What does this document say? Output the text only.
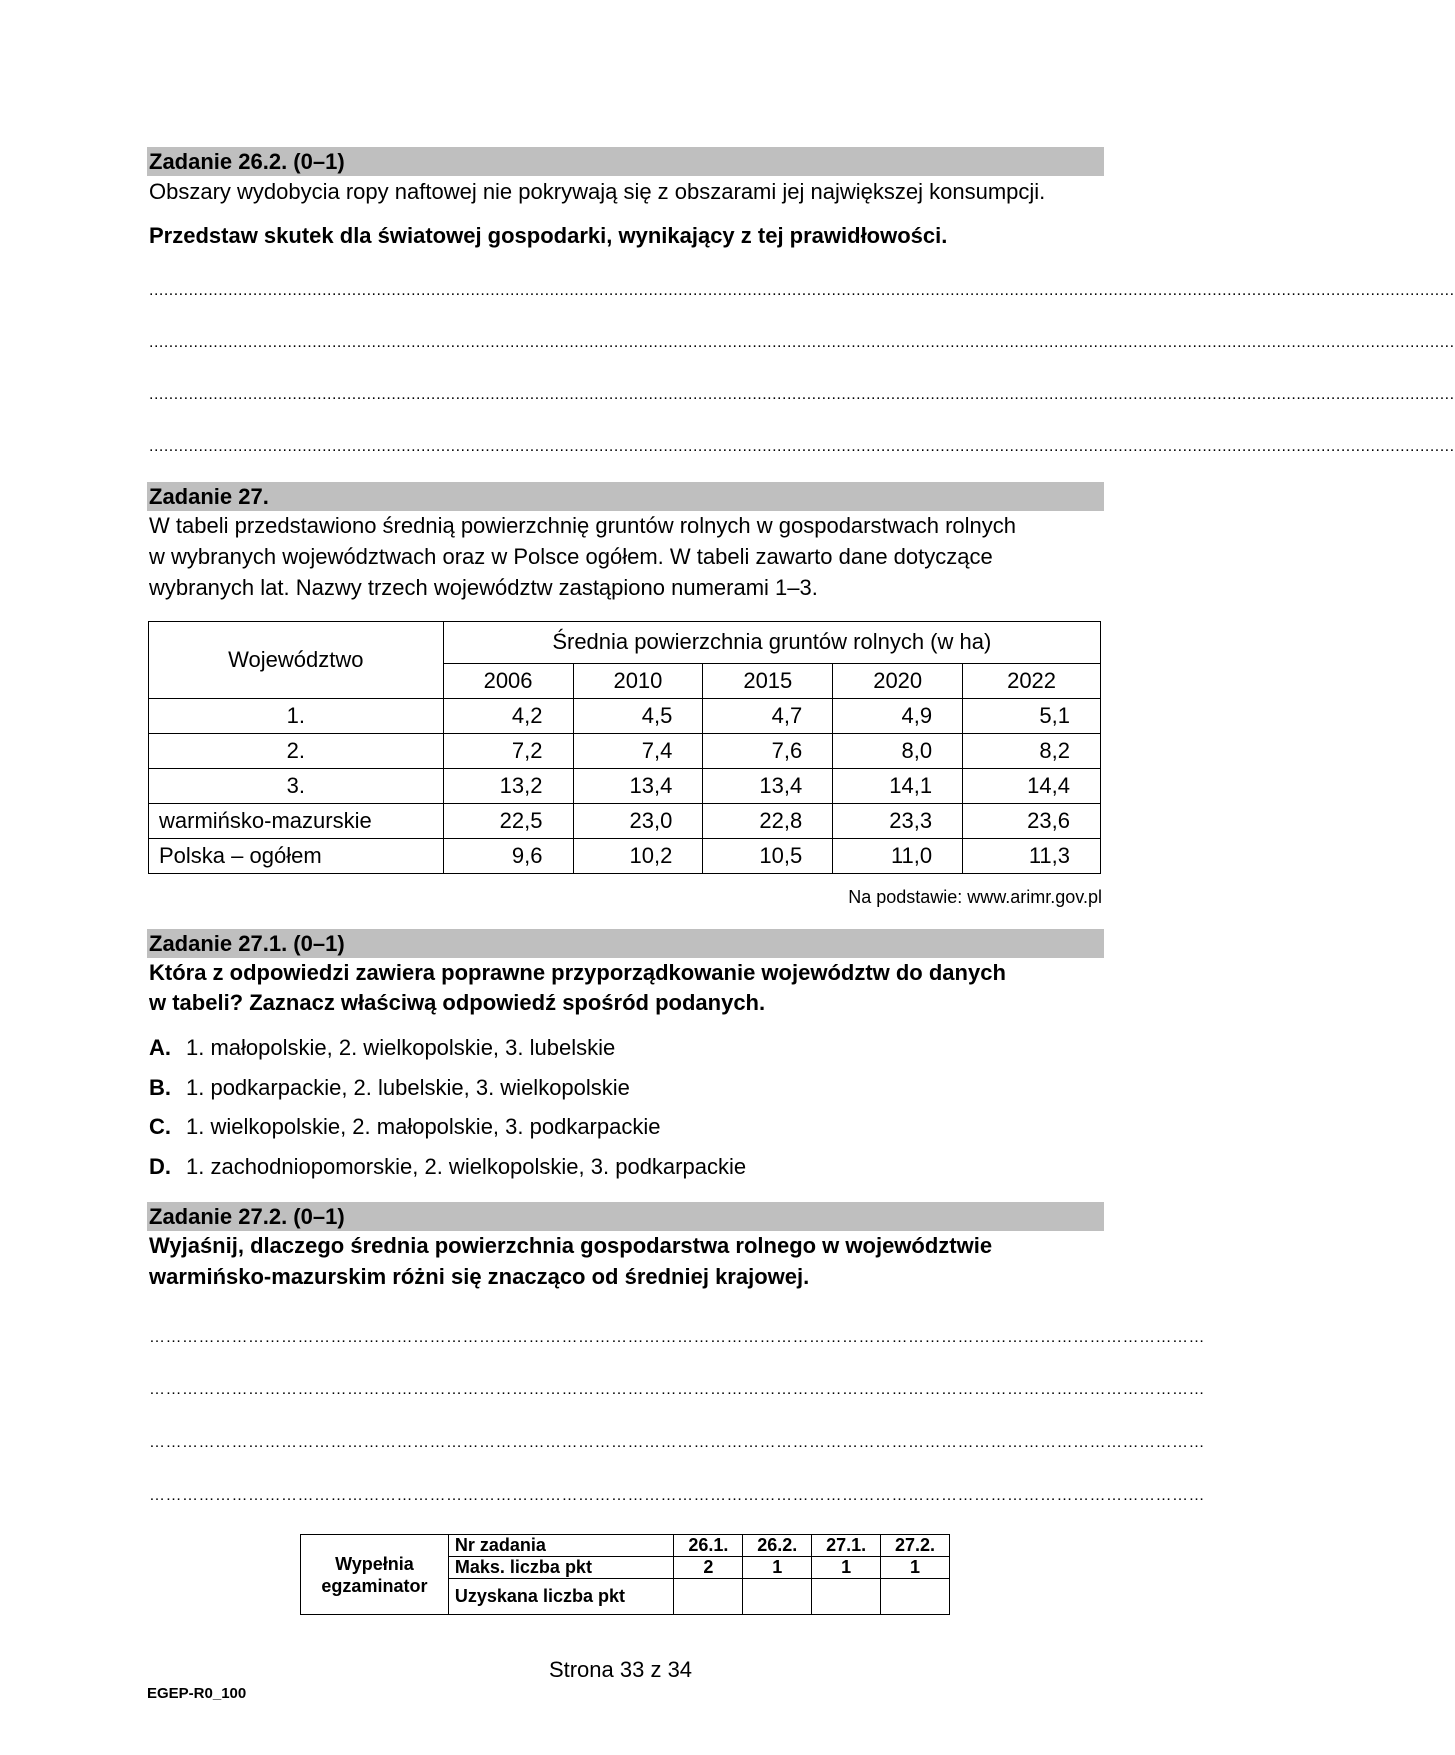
Zadanie 26.2. (0–1)
Obszary wydobycia ropy naftowej nie pokrywają się z obszarami jej największej konsumpcji.
Przedstaw skutek dla światowej gospodarki, wynikający z tej prawidłowości.
........................................................................................................................................................................................................................................................................
........................................................................................................................................................................................................................................................................
........................................................................................................................................................................................................................................................................
........................................................................................................................................................................................................................................................................
Zadanie 27.
W tabeli przedstawiono średnią powierzchnię gruntów rolnych w gospodarstwach rolnych
w wybranych województwach oraz w Polsce ogółem. W tabeli zawarto dane dotyczące
wybranych lat. Nazwy trzech województw zastąpiono numerami 1–3.
Województwo	Średnia powierzchnia gruntów rolnych (w ha)				
	2006	2010	2015	2020	2022
1.	4,2	4,5	4,7	4,9	5,1
2.	7,2	7,4	7,6	8,0	8,2
3.	13,2	13,4	13,4	14,1	14,4
warmińsko-mazurskie	22,5	23,0	22,8	23,3	23,6
Polska – ogółem	9,6	10,2	10,5	11,0	11,3
Na podstawie: www.arimr.gov.pl
Zadanie 27.1. (0–1)
Która z odpowiedzi zawiera poprawne przyporządkowanie województw do danych
w tabeli? Zaznacz właściwą odpowiedź spośród podanych.
A. 1. małopolskie, 2. wielkopolskie, 3. lubelskie
B. 1. podkarpackie, 2. lubelskie, 3. wielkopolskie
C. 1. wielkopolskie, 2. małopolskie, 3. podkarpackie
D. 1. zachodniopomorskie, 2. wielkopolskie, 3. podkarpackie
Zadanie 27.2. (0–1)
Wyjaśnij, dlaczego średnia powierzchnia gospodarstwa rolnego w województwie
warmińsko-mazurskim różni się znacząco od średniej krajowej.
…………………………………………………………………………………………………………………………………………………………………………
…………………………………………………………………………………………………………………………………………………………………………
…………………………………………………………………………………………………………………………………………………………………………
…………………………………………………………………………………………………………………………………………………………………………
Wypełnia
egzaminator	Nr zadania	26.1.	26.2.	27.1.	27.2.
	Maks. liczba pkt	2	1	1	1
	Uzyskana liczba pkt				
Strona 33 z 34
EGEP-R0_100
